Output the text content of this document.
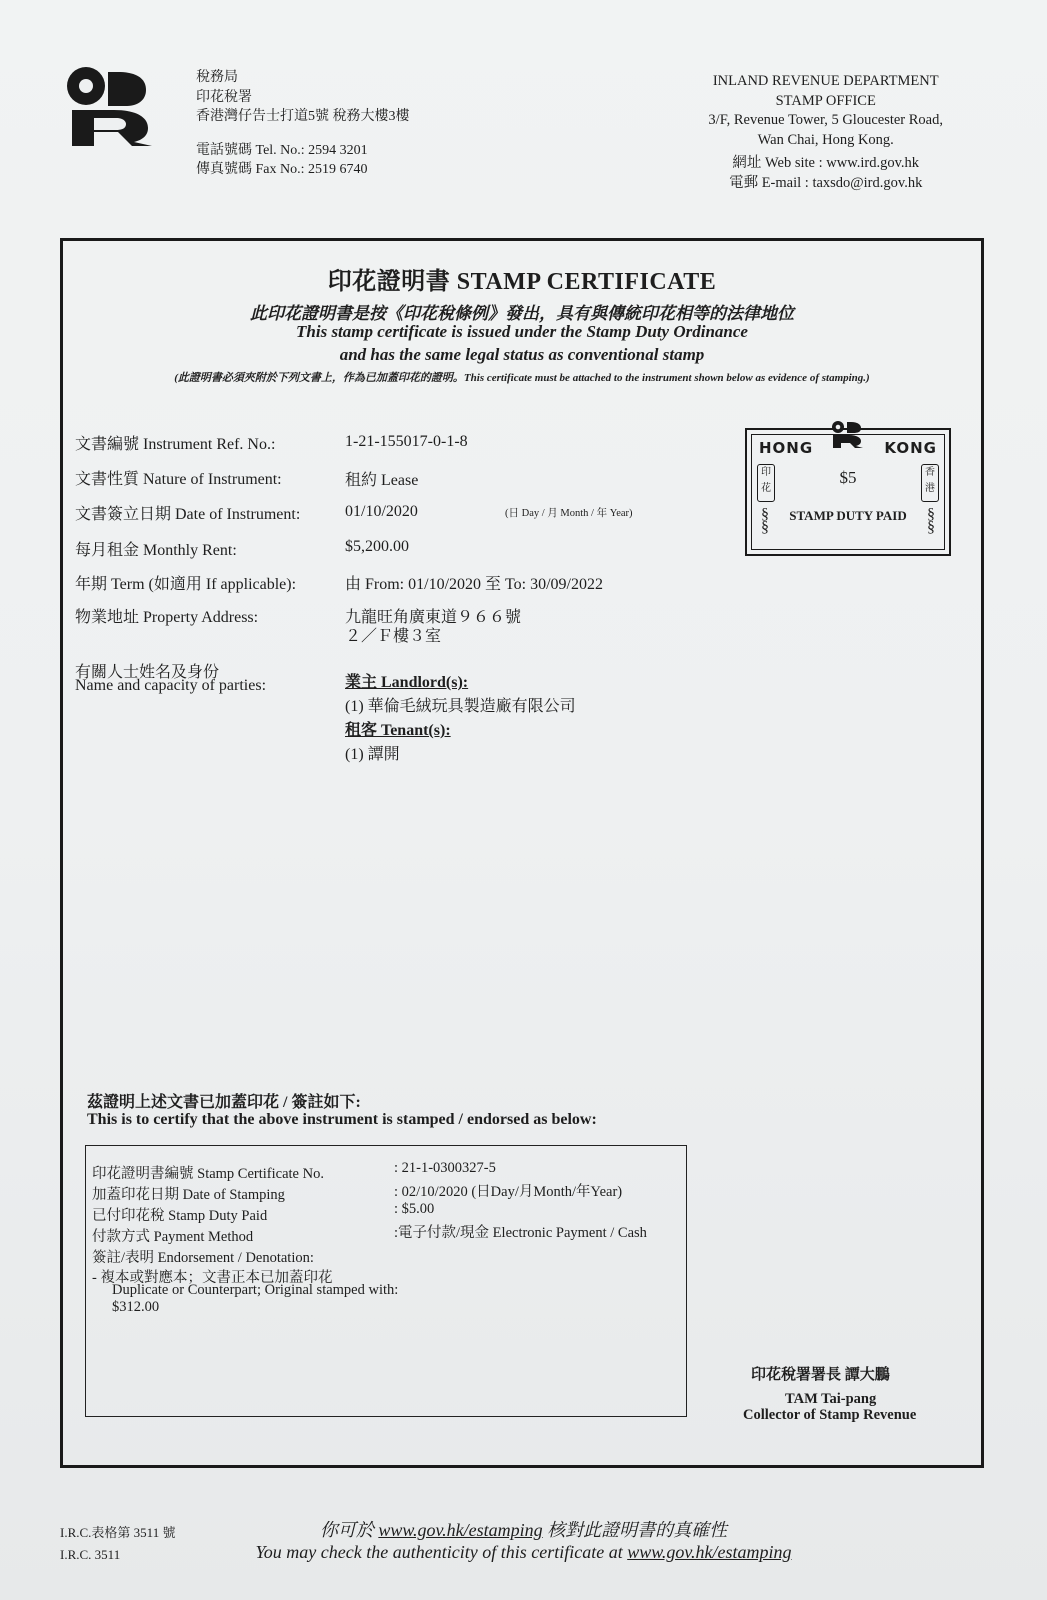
稅務局
印花稅署
香港灣仔告士打道5號 稅務大樓3樓
電話號碼 Tel. No.: 2594 3201
傳真號碼 Fax No.: 2519 6740
INLAND REVENUE DEPARTMENT
STAMP OFFICE
3/F, Revenue Tower, 5 Gloucester Road,
Wan Chai, Hong Kong.
網址 Web site : www.ird.gov.hk
電郵 E-mail : taxsdo@ird.gov.hk
印花證明書 STAMP CERTIFICATE
此印花證明書是按《印花稅條例》發出，具有與傳統印花相等的法律地位
This stamp certificate is issued under the Stamp Duty Ordinance
and has the same legal status as conventional stamp
(此證明書必須夾附於下列文書上，作為已加蓋印花的證明。This certificate must be attached to the instrument shown below as evidence of stamping.)
文書編號 Instrument Ref. No.:	1-21-155017-0-1-8
文書性質 Nature of Instrument:	租約 Lease
文書簽立日期 Date of Instrument:	01/10/2020	(日 Day / 月 Month / 年 Year)
每月租金 Monthly Rent:	$5,200.00
年期 Term (如適用 If applicable):	由 From: 01/10/2020 至 To: 30/09/2022
物業地址 Property Address:	九龍旺角廣東道９６６號
２／Ｆ樓３室
有關人士姓名及身份
Name and capacity of parties:	業主 Landlord(s):
(1) 華倫毛絨玩具製造廠有限公司
租客 Tenant(s):
(1) 譚開
HONG	KONG
印花
香港
§
§
§
§
$5
STAMP DUTY PAID
茲證明上述文書已加蓋印花 / 簽註如下:
This is to certify that the above instrument is stamped / endorsed as below:
印花證明書編號 Stamp Certificate No.	: 21-1-0300327-5
加蓋印花日期 Date of Stamping	: 02/10/2020 (日Day/月Month/年Year)
已付印花稅 Stamp Duty Paid	: $5.00
付款方式 Payment Method	:電子付款/現金 Electronic Payment / Cash
簽註/表明 Endorsement / Denotation:
- 複本或對應本；文書正本已加蓋印花
Duplicate or Counterpart; Original stamped with:
$312.00
印花稅署署長 譚大鵬
TAM Tai-pang
Collector of Stamp Revenue
I.R.C.表格第 3511 號
I.R.C. 3511
你可於 www.gov.hk/estamping 核對此證明書的真確性
You may check the authenticity of this certificate at www.gov.hk/estamping
